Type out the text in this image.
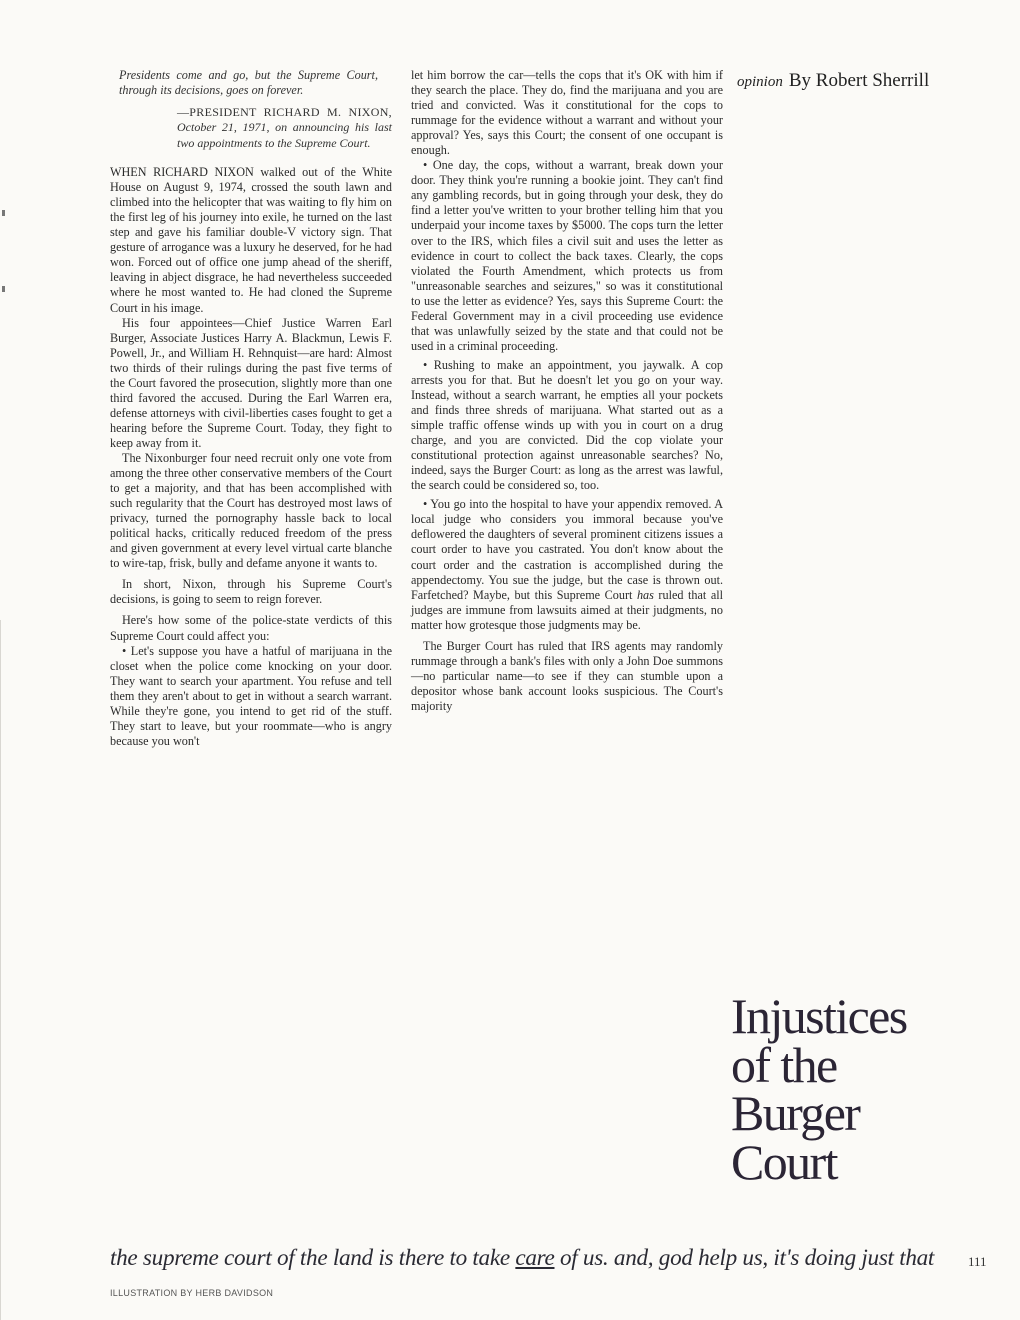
Presidents come and go, but the Supreme Court, through its decisions, goes on forever.

—PRESIDENT RICHARD M. NIXON, October 21, 1971, on announcing his last two appointments to the Supreme Court.

WHEN RICHARD NIXON walked out of the White House on August 9, 1974, crossed the south lawn and climbed into the helicopter that was waiting to fly him on the first leg of his journey into exile, he turned on the last step and gave his familiar double-V victory sign. That gesture of arrogance was a luxury he deserved, for he had won. Forced out of office one jump ahead of the sheriff, leaving in abject disgrace, he had nevertheless succeeded where he most wanted to. He had cloned the Supreme Court in his image.

His four appointees—Chief Justice Warren Earl Burger, Associate Justices Harry A. Blackmun, Lewis F. Powell, Jr., and William H. Rehnquist—are hard: Almost two thirds of their rulings during the past five terms of the Court favored the prosecution, slightly more than one third favored the accused. During the Earl Warren era, defense attorneys with civil-liberties cases fought to get a hearing before the Supreme Court. Today, they fight to keep away from it.

The Nixonburger four need recruit only one vote from among the three other conservative members of the Court to get a majority, and that has been accomplished with such regularity that the Court has destroyed most laws of privacy, turned the pornography hassle back to local political hacks, critically reduced freedom of the press and given government at every level virtual carte blanche to wire-tap, frisk, bully and defame anyone it wants to.

In short, Nixon, through his Supreme Court's decisions, is going to seem to reign forever.

Here's how some of the police-state verdicts of this Supreme Court could affect you:

• Let's suppose you have a hatful of marijuana in the closet when the police come knocking on your door. They want to search your apartment. You refuse and tell them they aren't about to get in without a search warrant. While they're gone, you intend to get rid of the stuff. They start to leave, but your roommate—who is angry because you won't

let him borrow the car—tells the cops that it's OK with him if they search the place. They do, find the marijuana and you are tried and convicted. Was it constitutional for the cops to rummage for the evidence without a warrant and without your approval? Yes, says this Court; the consent of one occupant is enough.

• One day, the cops, without a warrant, break down your door. They think you're running a bookie joint. They can't find any gambling records, but in going through your desk, they do find a letter you've written to your brother telling him that you underpaid your income taxes by $5000. The cops turn the letter over to the IRS, which files a civil suit and uses the letter as evidence in court to collect the back taxes. Clearly, the cops violated the Fourth Amendment, which protects us from "unreasonable searches and seizures," so was it constitutional to use the letter as evidence? Yes, says this Supreme Court: the Federal Government may in a civil proceeding use evidence that was unlawfully seized by the state and that could not be used in a criminal proceeding.

• Rushing to make an appointment, you jaywalk. A cop arrests you for that. But he doesn't let you go on your way. Instead, without a search warrant, he empties all your pockets and finds three shreds of marijuana. What started out as a simple traffic offense winds up with you in court on a drug charge, and you are convicted. Did the cop violate your constitutional protection against unreasonable searches? No, indeed, says the Burger Court: as long as the arrest was lawful, the search could be considered so, too.

• You go into the hospital to have your appendix removed. A local judge who considers you immoral because you've deflowered the daughters of several prominent citizens issues a court order to have you castrated. You don't know about the court order and the castration is accomplished during the appendectomy. You sue the judge, but the case is thrown out. Farfetched? Maybe, but this Supreme Court has ruled that all judges are immune from lawsuits aimed at their judgments, no matter how grotesque those judgments may be.

The Burger Court has ruled that IRS agents may randomly rummage through a bank's files with only a John Doe summons—no particular name—to see if they can stumble upon a depositor whose bank account looks suspicious. The Court's majority

opinion By Robert Sherrill
Injustices
of the
Burger
Court
the supreme court of the land is there to take care of us. and, god help us, it's doing just that	111
ILLUSTRATION BY HERB DAVIDSON
